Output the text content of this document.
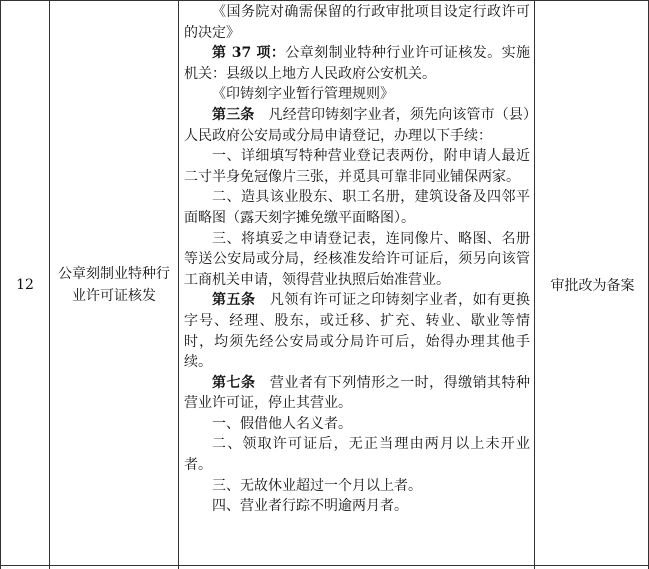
12
公章刻制业特种行业许可证核发

《国务院对确需保留的行政审批项目设定行政许可的决定》

第 37 项：公章刻制业特种行业许可证核发。实施机关：县级以上地方人民政府公安机关。

《印铸刻字业暂行管理规则》

第三条　凡经营印铸刻字业者，须先向该管市（县）人民政府公安局或分局申请登记，办理以下手续：

一、详细填写特种营业登记表两份，附申请人最近二寸半身免冠像片三张，并觅具可靠非同业铺保两家。

二、造具该业股东、职工名册，建筑设备及四邻平面略图（露天刻字摊免缴平面略图）。

三、将填妥之申请登记表，连同像片、略图、名册等送公安局或分局，经核准发给许可证后，须另向该管工商机关申请，领得营业执照后始准营业。

第五条　凡领有许可证之印铸刻字业者，如有更换字号、经理、股东，或迁移、扩充、转业、歇业等情时，均须先经公安局或分局许可后，始得办理其他手续。

第七条　营业者有下列情形之一时，得缴销其特种营业许可证，停止其营业。

一、假借他人名义者。

二、领取许可证后，无正当理由两月以上未开业者。

三、无故休业超过一个月以上者。

四、营业者行踪不明逾两月者。

审批改为备案
